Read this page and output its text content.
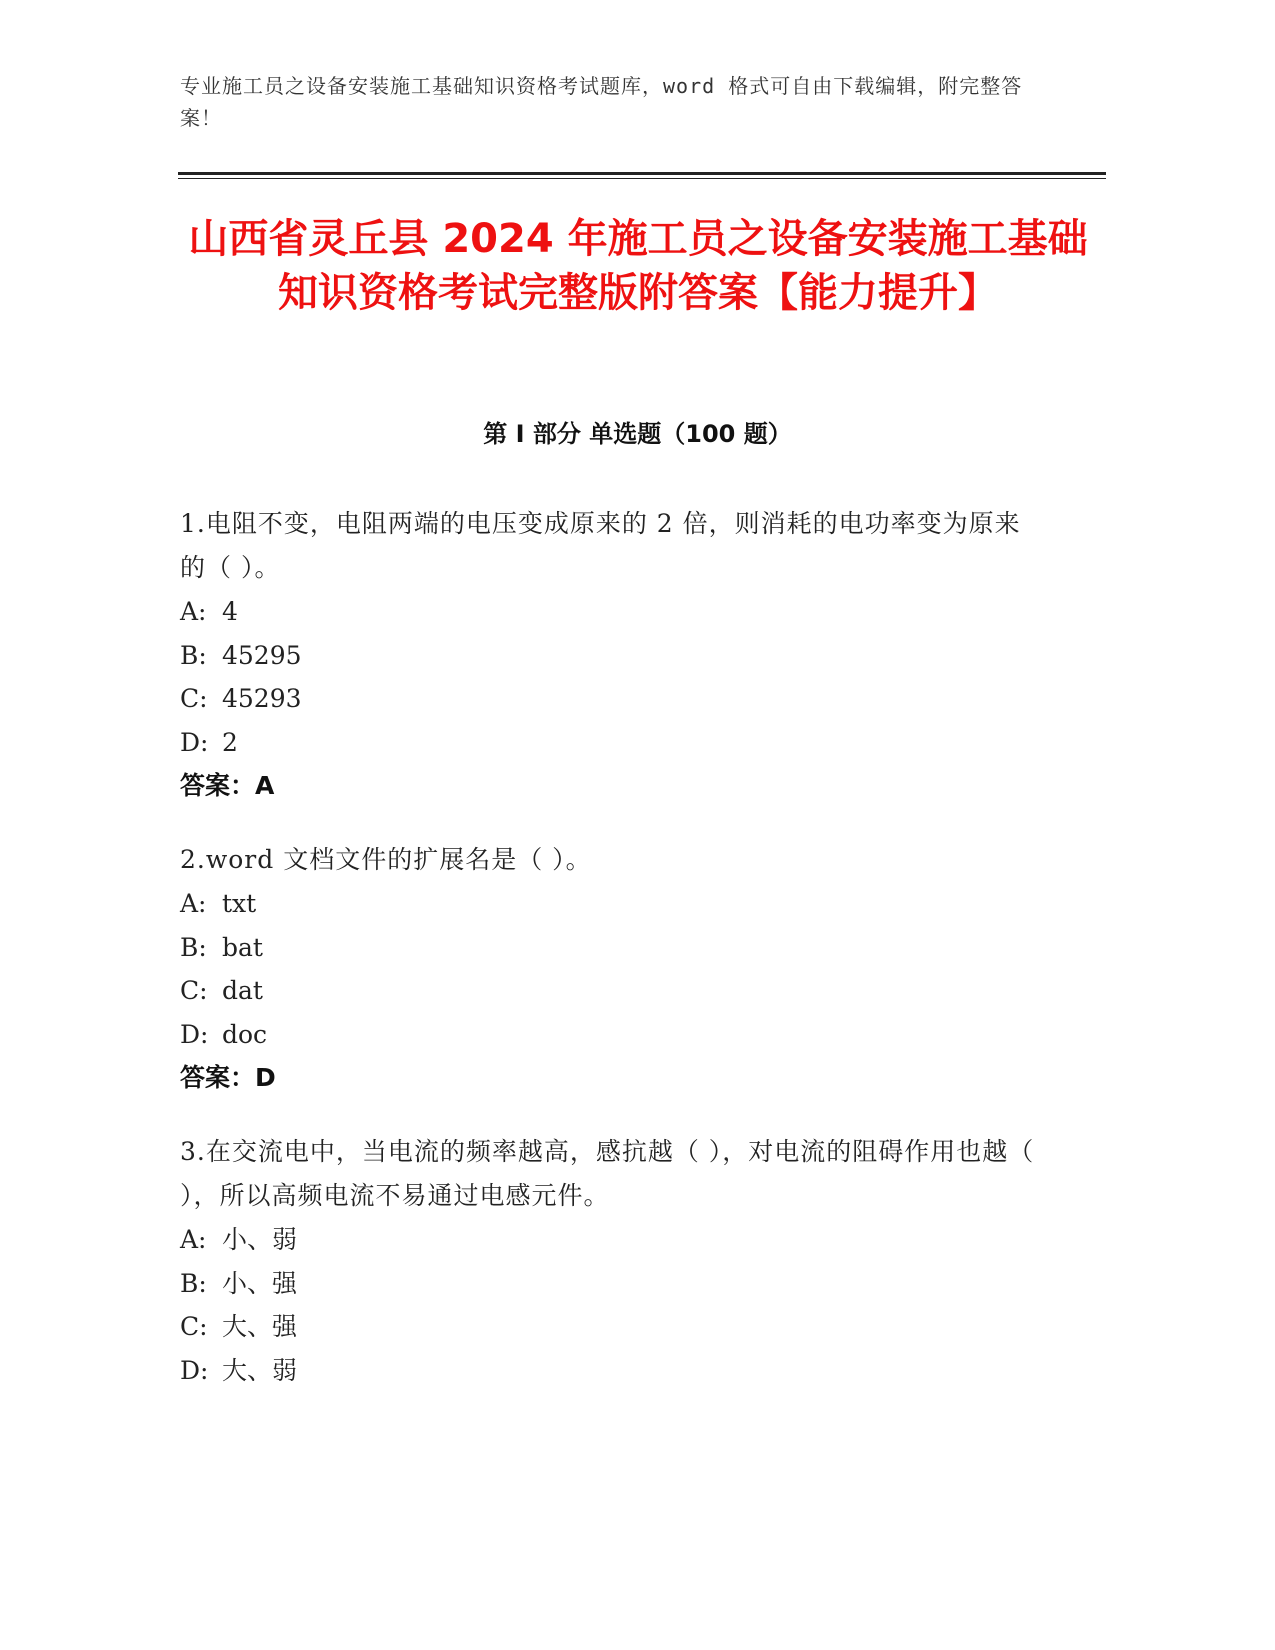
专业施工员之设备安装施工基础知识资格考试题库，word 格式可自由下载编辑，附完整答案！
山西省灵丘县 2024 年施工员之设备安装施工基础知识资格考试完整版附答案【能力提升】
第 I 部分 单选题（100 题）
1.电阻不变，电阻两端的电压变成原来的 2 倍，则消耗的电功率变为原来的（ ）。
A: 4
B: 45295
C: 45293
D: 2
答案：A
2.word 文档文件的扩展名是（ ）。
A: txt
B: bat
C: dat
D: doc
答案：D
3.在交流电中，当电流的频率越高，感抗越（ ），对电流的阻碍作用也越（ ），所以高频电流不易通过电感元件。
A: 小、弱
B: 小、强
C: 大、强
D: 大、弱
